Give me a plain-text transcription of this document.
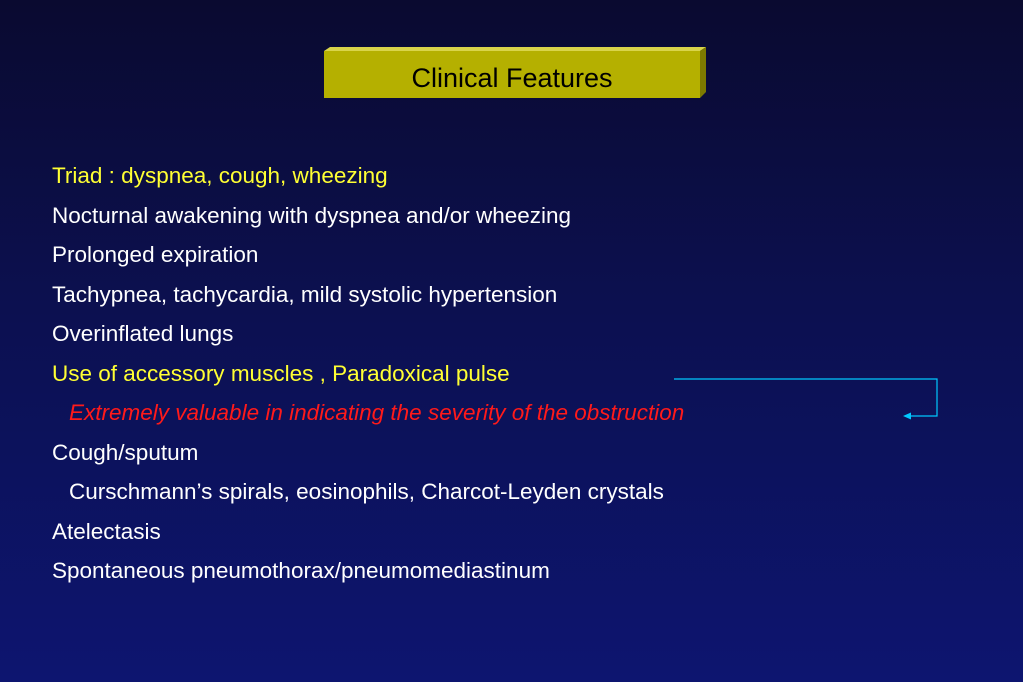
Clinical Features
Triad : dyspnea, cough, wheezing
Nocturnal awakening with dyspnea and/or wheezing
Prolonged expiration
Tachypnea, tachycardia, mild systolic hypertension
Overinflated lungs
Use of accessory muscles , Paradoxical pulse
Extremely valuable in indicating the severity of the obstruction
Cough/sputum
Curschmann’s spirals, eosinophils, Charcot-Leyden crystals
Atelectasis
Spontaneous pneumothorax/pneumomediastinum
